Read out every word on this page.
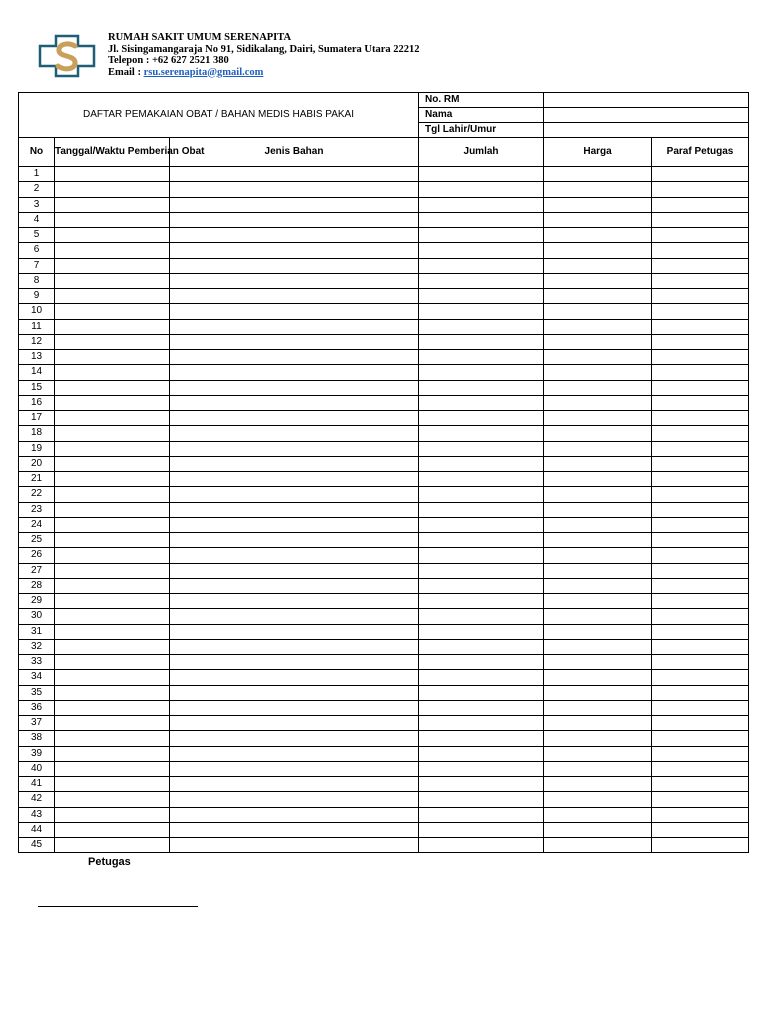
RUMAH SAKIT UMUM SERENAPITA
Jl. Sisingamangaraja No 91, Sidikalang, Dairi, Sumatera Utara 22212
Telepon : +62 627 2521 380
Email : rsu.serenapita@gmail.com
DAFTAR PEMAKAIAN OBAT / BAHAN MEDIS HABIS PAKAI			No. RM		
			Nama		
			Tgl Lahir/Umur		
No	Tanggal/Waktu Pemberian Obat	Jenis Bahan	Jumlah	Harga	Paraf Petugas
1					
2					
3					
4					
5					
6					
7					
8					
9					
10					
11					
12					
13					
14					
15					
16					
17					
18					
19					
20					
21					
22					
23					
24					
25					
26					
27					
28					
29					
30					
31					
32					
33					
34					
35					
36					
37					
38					
39					
40					
41					
42					
43					
44					
45					
Petugas
